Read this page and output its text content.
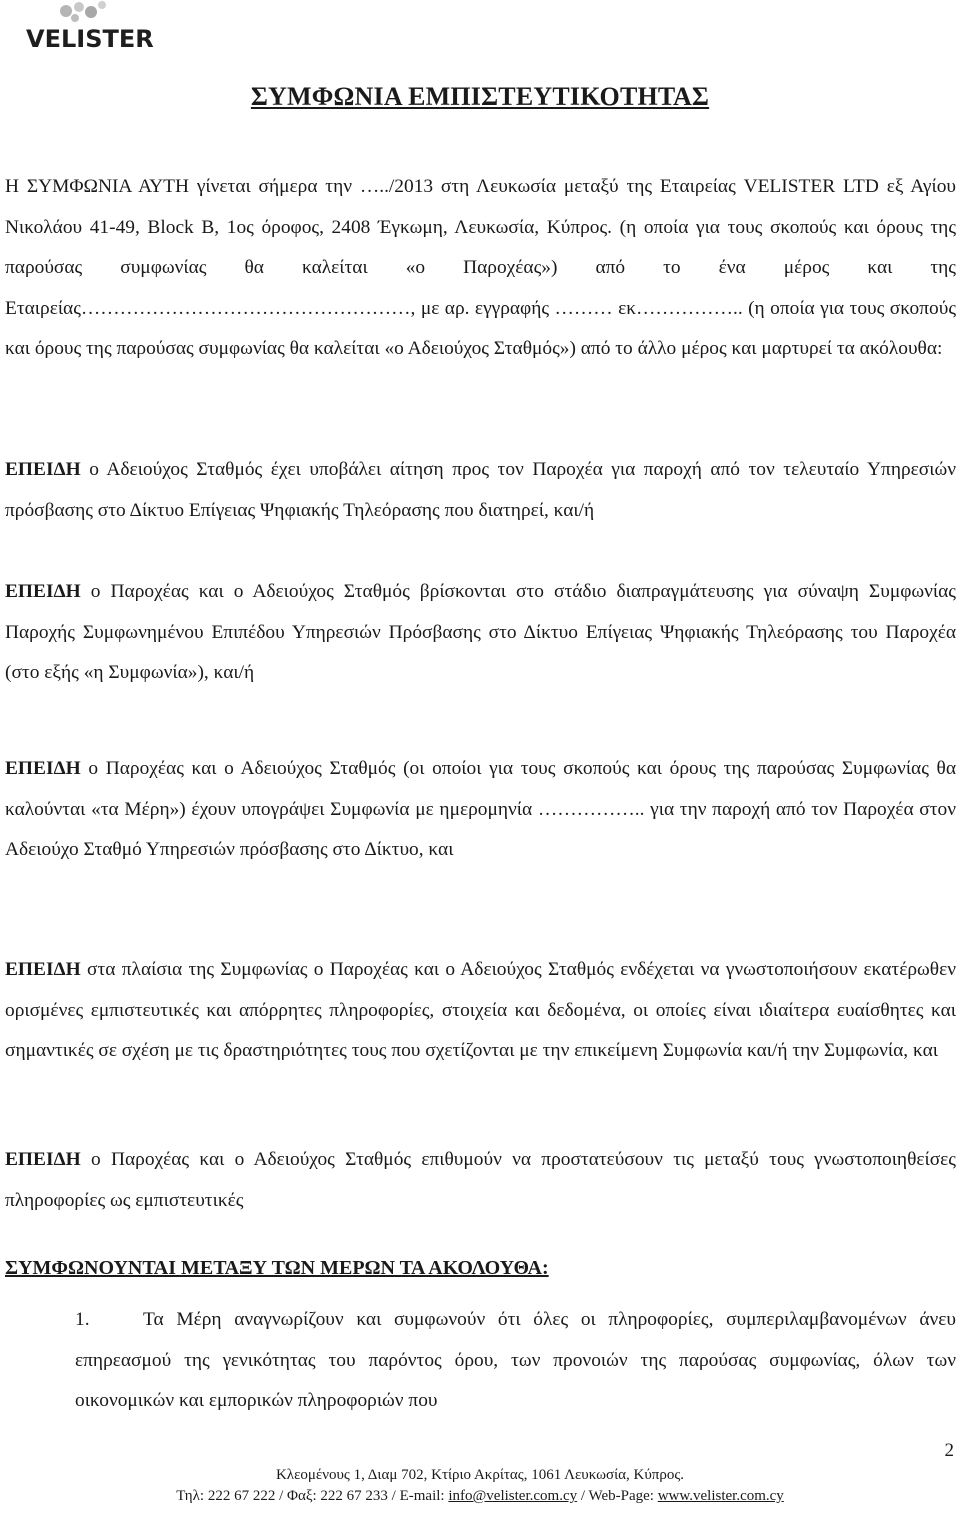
VELISTER
ΣΥΜΦΩΝΙΑ ΕΜΠΙΣΤΕΥΤΙΚΟΤΗΤΑΣ

Η ΣΥΜΦΩΝΙΑ ΑΥΤΗ γίνεται σήμερα την …../2013 στη Λευκωσία μεταξύ της Εταιρείας VELISTER LTD εξ Αγίου Νικολάου 41-49, Block B, 1ος όροφος, 2408 Έγκωμη, Λευκωσία, Κύπρος. (η οποία για τους σκοπούς και όρους της παρούσας συμφωνίας θα καλείται «ο Παροχέας») από το ένα μέρος και της Εταιρείας……………………………………………, με αρ. εγγραφής ……… εκ…………….. (η οποία για τους σκοπούς και όρους της παρούσας συμφωνίας θα καλείται «ο Αδειούχος Σταθμός») από το άλλο μέρος και μαρτυρεί τα ακόλουθα:

ΕΠΕΙΔΗ ο Αδειούχος Σταθμός έχει υποβάλει αίτηση προς τον Παροχέα για παροχή από τον τελευταίο Υπηρεσιών πρόσβασης στο Δίκτυο Επίγειας Ψηφιακής Τηλεόρασης που διατηρεί, και/ή

ΕΠΕΙΔΗ ο Παροχέας και ο Αδειούχος Σταθμός βρίσκονται στο στάδιο διαπραγμάτευσης για σύναψη Συμφωνίας Παροχής Συμφωνημένου Επιπέδου Υπηρεσιών Πρόσβασης στο Δίκτυο Επίγειας Ψηφιακής Τηλεόρασης του Παροχέα (στο εξής «η Συμφωνία»), και/ή

ΕΠΕΙΔΗ ο Παροχέας και ο Αδειούχος Σταθμός (οι οποίοι για τους σκοπούς και όρους της παρούσας Συμφωνίας θα καλούνται «τα Μέρη») έχουν υπογράψει Συμφωνία με ημερομηνία …………….. για την παροχή από τον Παροχέα στον Αδειούχο Σταθμό Υπηρεσιών πρόσβασης στο Δίκτυο, και

ΕΠΕΙΔΗ στα πλαίσια της Συμφωνίας ο Παροχέας και ο Αδειούχος Σταθμός ενδέχεται να γνωστοποιήσουν εκατέρωθεν ορισμένες εμπιστευτικές και απόρρητες πληροφορίες, στοιχεία και δεδομένα, οι οποίες είναι ιδιαίτερα ευαίσθητες και σημαντικές σε σχέση με τις δραστηριότητες τους που σχετίζονται με την επικείμενη Συμφωνία και/ή την Συμφωνία, και

ΕΠΕΙΔΗ ο Παροχέας και ο Αδειούχος Σταθμός επιθυμούν να προστατεύσουν τις μεταξύ τους γνωστοποιηθείσες πληροφορίες ως εμπιστευτικές

ΣΥΜΦΩΝΟΥΝΤΑΙ ΜΕΤΑΞΥ ΤΩΝ ΜΕΡΩΝ ΤΑ ΑΚΟΛΟΥΘΑ:

1.	Τα Μέρη αναγνωρίζουν και συμφωνούν ότι όλες οι πληροφορίες, συμπεριλαμβανομένων άνευ επηρεασμού της γενικότητας του παρόντος όρου, των προνοιών της παρούσας συμφωνίας, όλων των οικονομικών και εμπορικών πληροφοριών που

2
Κλεομένους 1, Διαμ 702, Κτίριο Ακρίτας, 1061 Λευκωσία, Κύπρος.
Τηλ: 222 67 222 / Φαξ: 222 67 233 / E-mail: info@velister.com.cy / Web-Page: www.velister.com.cy
